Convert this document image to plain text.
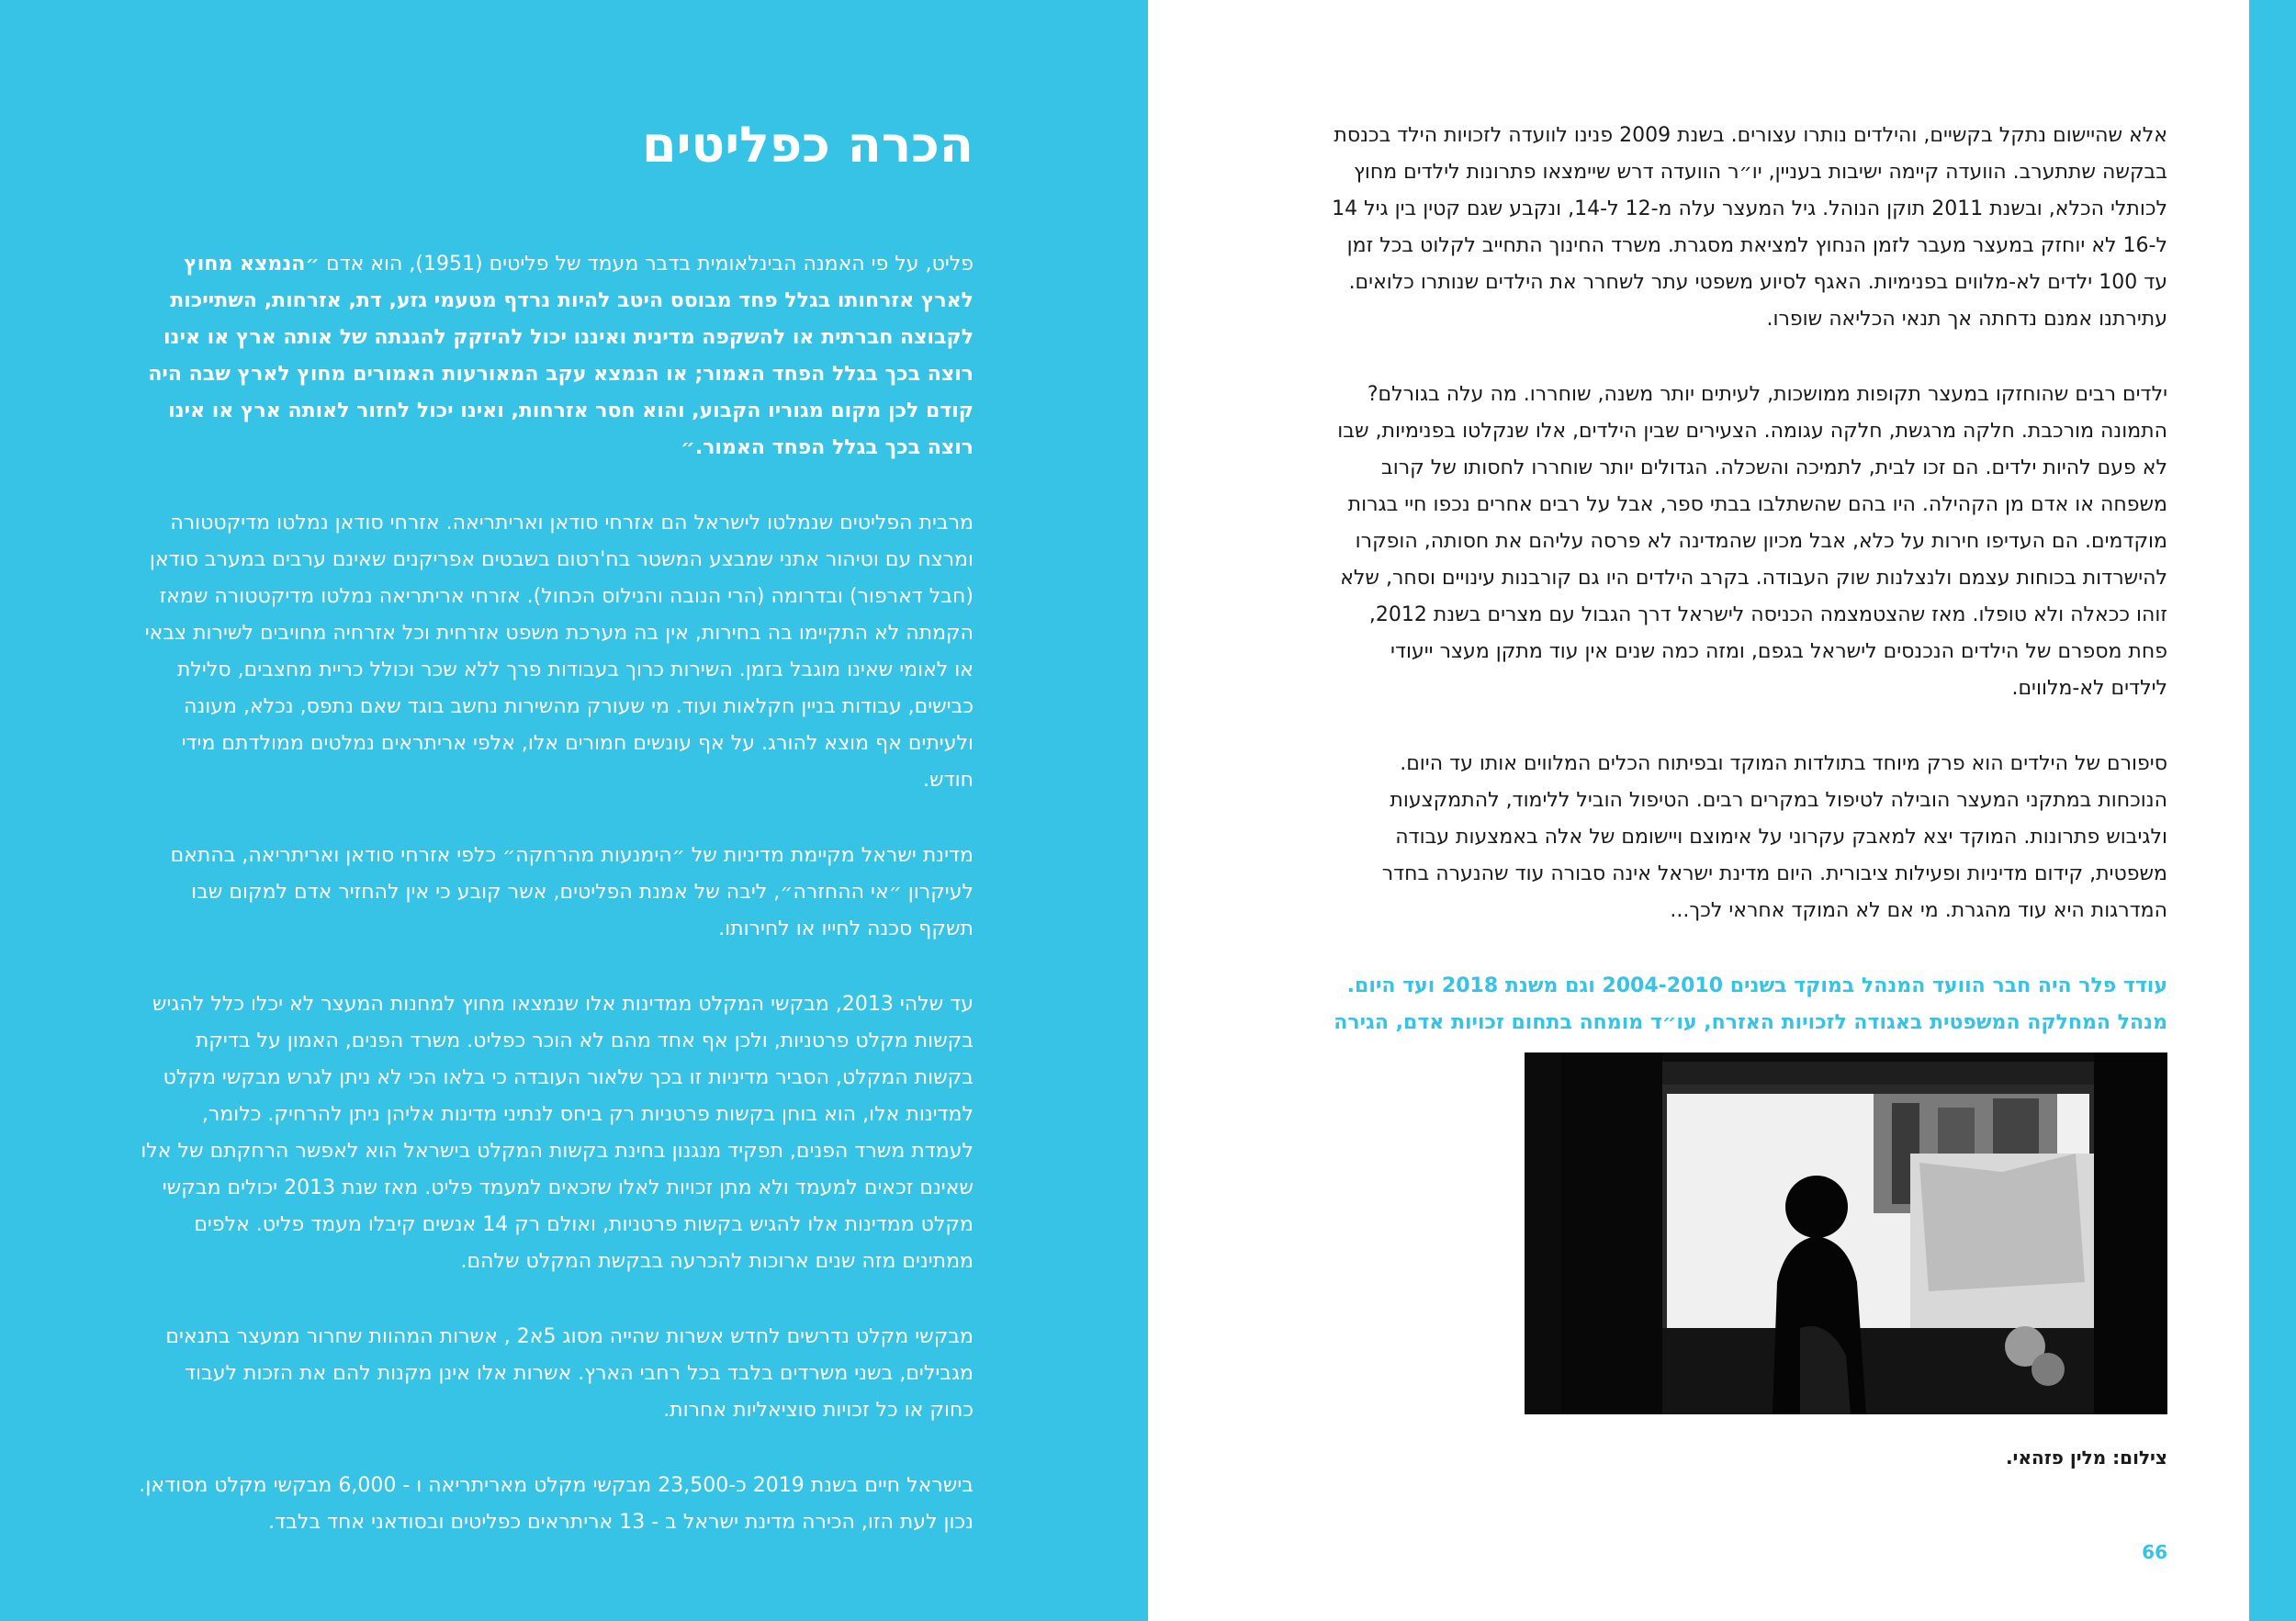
הכרה כפליטים

פליט, על פי האמנה הבינלאומית בדבר מעמד של פליטים (1951), הוא אדם ״הנמצא מחוץ לארץ אזרחותו בגלל פחד מבוסס היטב להיות נרדף מטעמי גזע, דת, אזרחות, השתייכות לקבוצה חברתית או להשקפה מדינית ואיננו יכול להיזקק להגנתה של אותה ארץ או אינו רוצה בכך בגלל הפחד האמור; או הנמצא עקב המאורעות האמורים מחוץ לארץ שבה היה קודם לכן מקום מגוריו הקבוע, והוא חסר אזרחות, ואינו יכול לחזור לאותה ארץ או אינו רוצה בכך בגלל הפחד האמור.״

מרבית הפליטים שנמלטו לישראל הם אזרחי סודאן ואריתריאה. אזרחי סודאן נמלטו מדיקטטורה ומרצח עם וטיהור אתני שמבצע המשטר בח'רטום בשבטים אפריקנים שאינם ערבים במערב סודאן (חבל דארפור) ובדרומה (הרי הנובה והנילוס הכחול). אזרחי אריתריאה נמלטו מדיקטטורה שמאז הקמתה לא התקיימו בה בחירות, אין בה מערכת משפט אזרחית וכל אזרחיה מחויבים לשירות צבאי או לאומי שאינו מוגבל בזמן. השירות כרוך בעבודות פרך ללא שכר וכולל כריית מחצבים, סלילת כבישים, עבודות בניין חקלאות ועוד. מי שעורק מהשירות נחשב בוגד שאם נתפס, נכלא, מעונה ולעיתים אף מוצא להורג. על אף עונשים חמורים אלו, אלפי אריתראים נמלטים ממולדתם מידי חודש.

מדינת ישראל מקיימת מדיניות של ״הימנעות מהרחקה״ כלפי אזרחי סודאן ואריתריאה, בהתאם לעיקרון ״אי ההחזרה״, ליבה של אמנת הפליטים, אשר קובע כי אין להחזיר אדם למקום שבו תשקף סכנה לחייו או לחירותו.

עד שלהי 2013, מבקשי המקלט ממדינות אלו שנמצאו מחוץ למחנות המעצר לא יכלו כלל להגיש בקשות מקלט פרטניות, ולכן אף אחד מהם לא הוכר כפליט. משרד הפנים, האמון על בדיקת בקשות המקלט, הסביר מדיניות זו בכך שלאור העובדה כי בלאו הכי לא ניתן לגרש מבקשי מקלט למדינות אלו, הוא בוחן בקשות פרטניות רק ביחס לנתיני מדינות אליהן ניתן להרחיק. כלומר, לעמדת משרד הפנים, תפקיד מנגנון בחינת בקשות המקלט בישראל הוא לאפשר הרחקתם של אלו שאינם זכאים למעמד ולא מתן זכויות לאלו שזכאים למעמד פליט. מאז שנת 2013 יכולים מבקשי מקלט ממדינות אלו להגיש בקשות פרטניות, ואולם רק 14 אנשים קיבלו מעמד פליט. אלפים ממתינים מזה שנים ארוכות להכרעה בבקשת המקלט שלהם.

מבקשי מקלט נדרשים לחדש אשרות שהייה מסוג 5א2 , אשרות המהוות שחרור ממעצר בתנאים מגבילים, בשני משרדים בלבד בכל רחבי הארץ. אשרות אלו אינן מקנות להם את הזכות לעבוד כחוק או כל זכויות סוציאליות אחרות.

בישראל חיים בשנת 2019 כ-23,500 מבקשי מקלט מאריתריאה ו - 6,000 מבקשי מקלט מסודאן. נכון לעת הזו, הכירה מדינת ישראל ב - 13 אריתראים כפליטים ובסודאני אחד בלבד.

אלא שהיישום נתקל בקשיים, והילדים נותרו עצורים. בשנת 2009 פנינו לוועדה לזכויות הילד בכנסת בבקשה שתתערב. הוועדה קיימה ישיבות בעניין, יו״ר הוועדה דרש שיימצאו פתרונות לילדים מחוץ לכותלי הכלא, ובשנת 2011 תוקן הנוהל. גיל המעצר עלה מ-12 ל-14, ונקבע שגם קטין בין גיל 14 ל-16 לא יוחזק במעצר מעבר לזמן הנחוץ למציאת מסגרת. משרד החינוך התחייב לקלוט בכל זמן עד 100 ילדים לא-מלווים בפנימיות. האגף לסיוע משפטי עתר לשחרר את הילדים שנותרו כלואים. עתירתנו אמנם נדחתה אך תנאי הכליאה שופרו.

ילדים רבים שהוחזקו במעצר תקופות ממושכות, לעיתים יותר משנה, שוחררו. מה עלה בגורלם? התמונה מורכבת. חלקה מרגשת, חלקה עגומה. הצעירים שבין הילדים, אלו שנקלטו בפנימיות, שבו לא פעם להיות ילדים. הם זכו לבית, לתמיכה והשכלה. הגדולים יותר שוחררו לחסותו של קרוב משפחה או אדם מן הקהילה. היו בהם שהשתלבו בבתי ספר, אבל על רבים אחרים נכפו חיי בגרות מוקדמים. הם העדיפו חירות על כלא, אבל מכיון שהמדינה לא פרסה עליהם את חסותה, הופקרו להישרדות בכוחות עצמם ולנצלנות שוק העבודה. בקרב הילדים היו גם קורבנות עינויים וסחר, שלא זוהו ככאלה ולא טופלו. מאז שהצטמצמה הכניסה לישראל דרך הגבול עם מצרים בשנת 2012, פחת מספרם של הילדים הנכנסים לישראל בגפם, ומזה כמה שנים אין עוד מתקן מעצר ייעודי לילדים לא-מלווים.

סיפורם של הילדים הוא פרק מיוחד בתולדות המוקד ובפיתוח הכלים המלווים אותו עד היום. הנוכחות במתקני המעצר הובילה לטיפול במקרים רבים. הטיפול הוביל ללימוד, להתמקצעות ולגיבוש פתרונות. המוקד יצא למאבק עקרוני על אימוצם ויישומם של אלה באמצעות עבודה משפטית, קידום מדיניות ופעילות ציבורית. היום מדינת ישראל אינה סבורה עוד שהנערה בחדר המדרגות היא עוד מהגרת. מי אם לא המוקד אחראי לכך...

עודד פלר היה חבר הוועד המנהל במוקד בשנים 2004-2010 וגם משנת 2018 ועד היום. מנהל המחלקה המשפטית באגודה לזכויות האזרח, עו״ד מומחה בתחום זכויות אדם, הגירה

צילום: מלין פזהאי.
66
